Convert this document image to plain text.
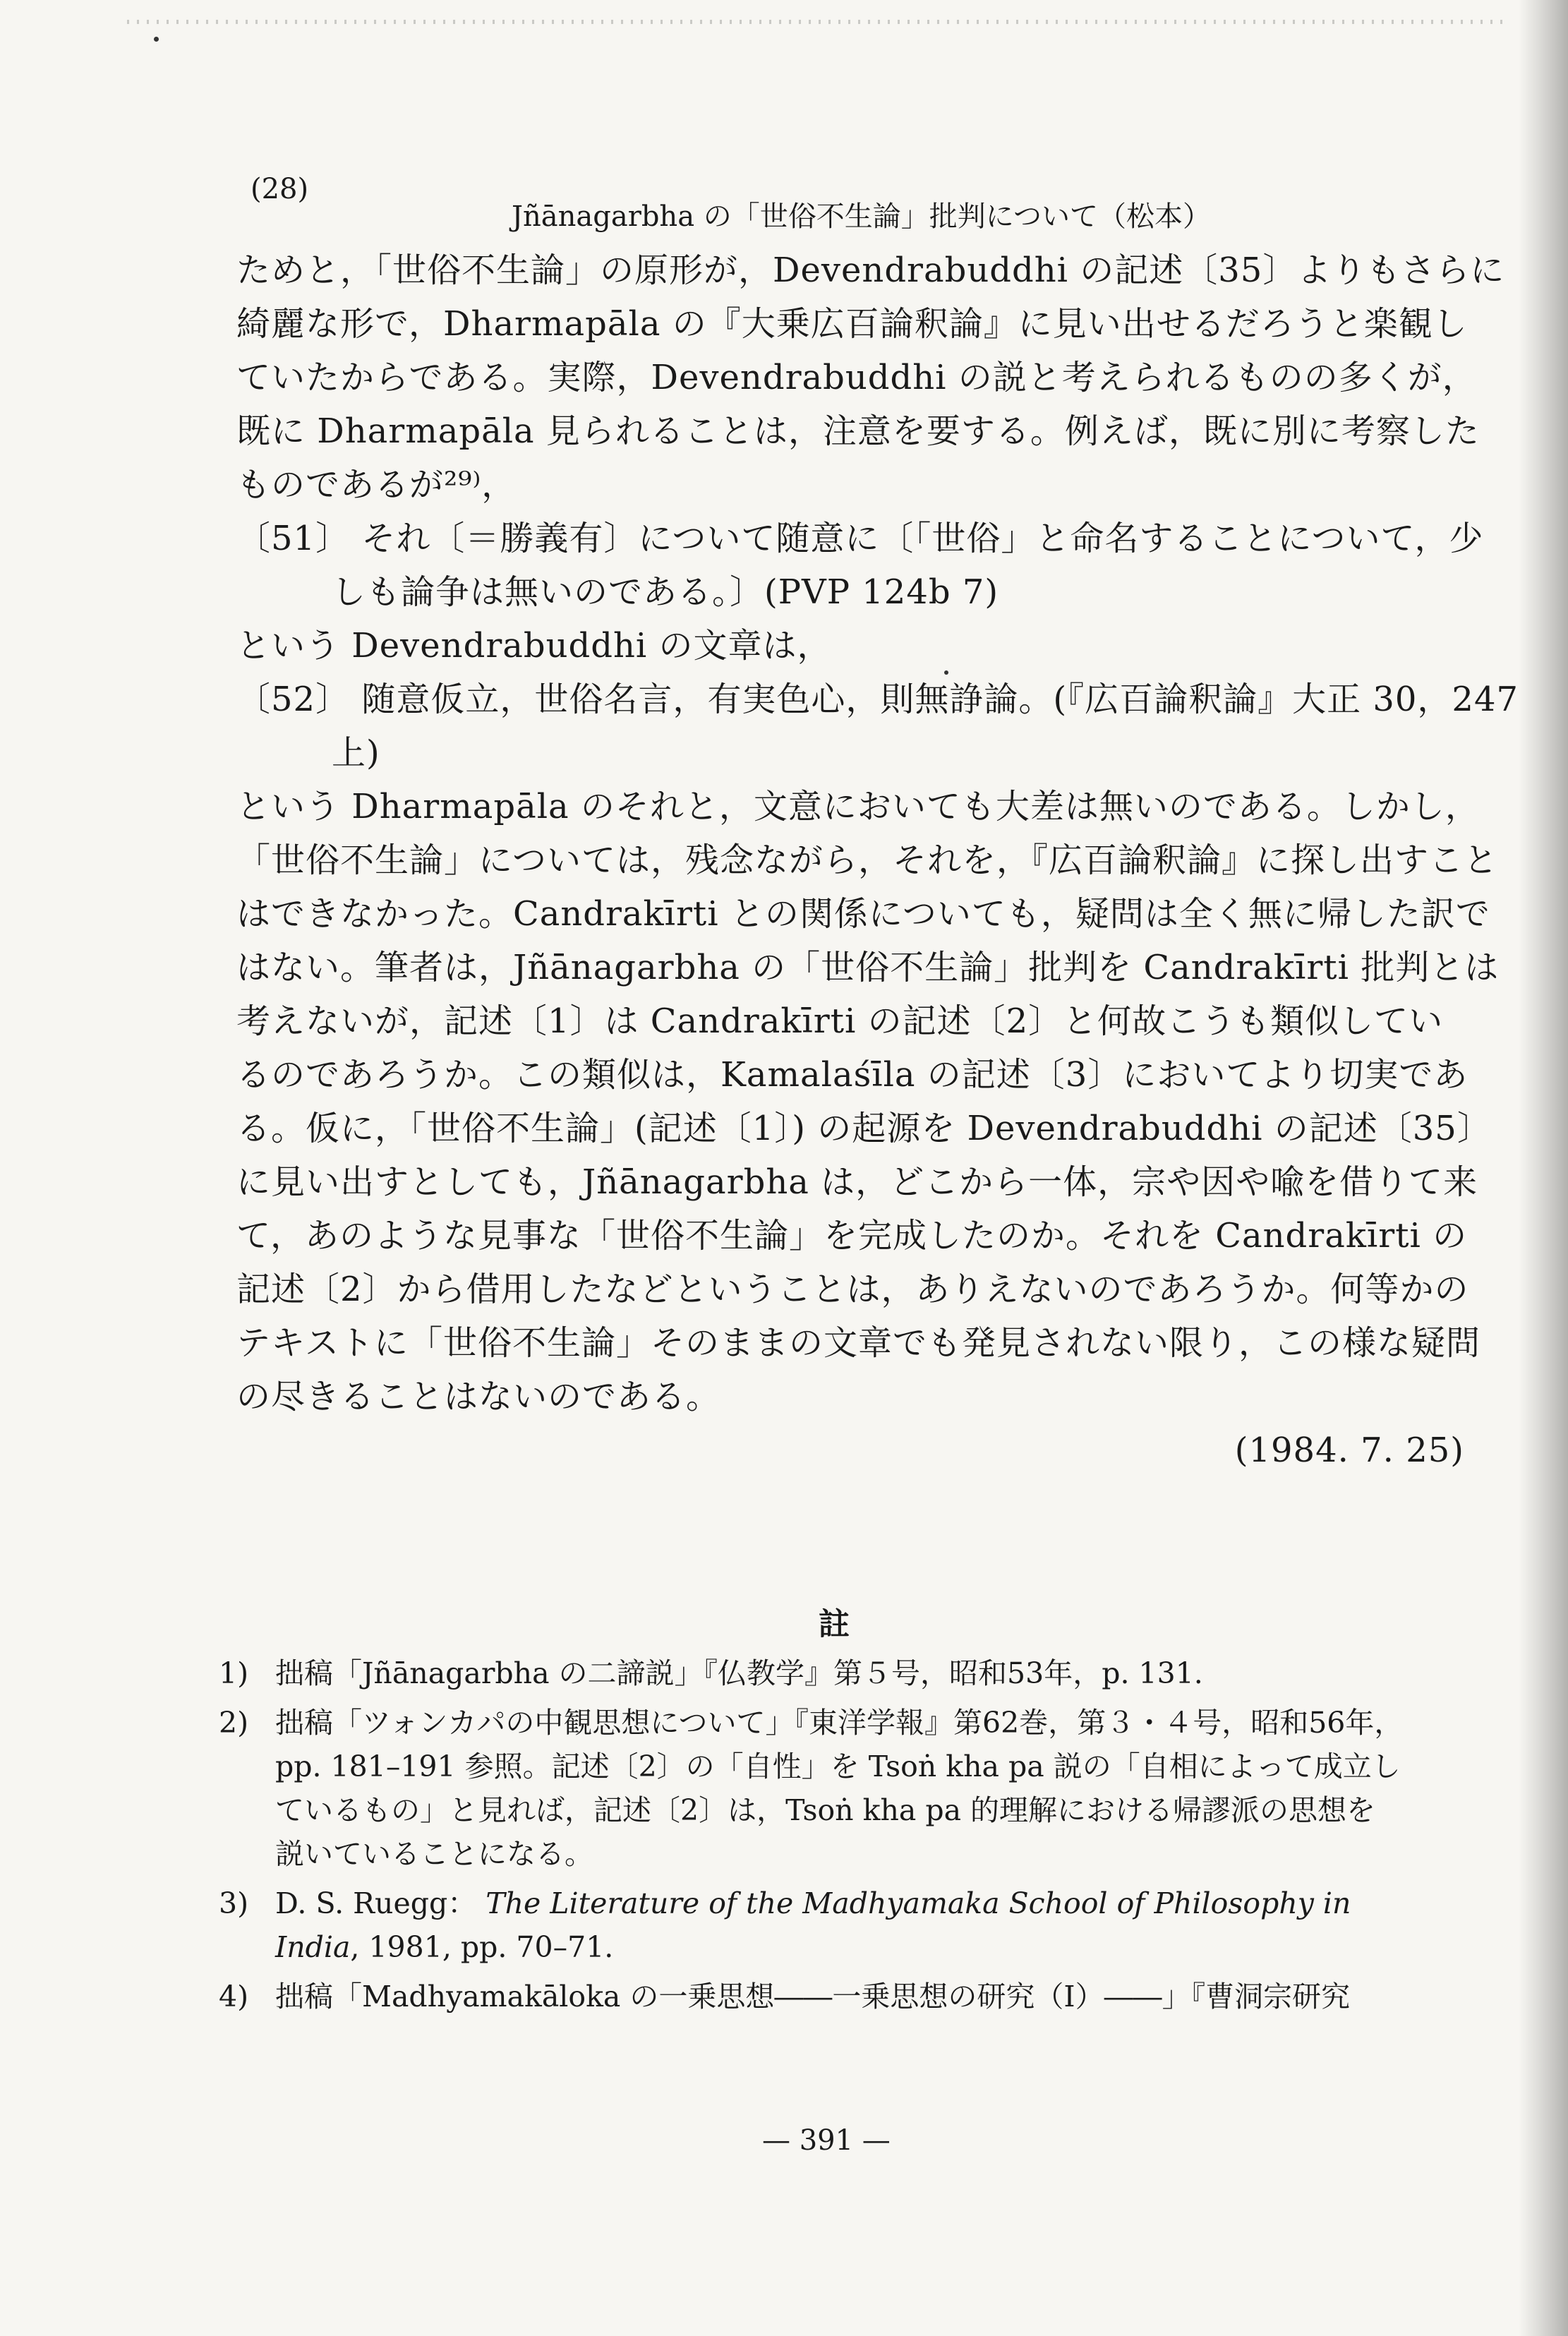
(28)
Jñānagarbha の「世俗不生論」批判について（松本）
ためと，「世俗不生論」の原形が，Devendrabuddhi の記述〔35〕よりもさらに
綺麗な形で，Dharmapāla の『大乗広百論釈論』に見い出せるだろうと楽観し
ていたからである。実際，Devendrabuddhi の説と考えられるものの多くが，
既に Dharmapāla 見られることは，注意を要する。例えば，既に別に考察した
ものであるが²⁹⁾，
〔51〕 それ〔＝勝義有〕について随意に〔「世俗」と命名することについて，少
しも論争は無いのである。〕(PVP 124b 7)
という Devendrabuddhi の文章は，
〔52〕 随意仮立，世俗名言，有実色心，則無諍論。(『広百論釈論』大正 30，247
上)
という Dharmapāla のそれと，文意においても大差は無いのである。しかし，
「世俗不生論」については，残念ながら，それを，『広百論釈論』に探し出すこと
はできなかった。Candrakīrti との関係についても，疑問は全く無に帰した訳で
はない。筆者は，Jñānagarbha の「世俗不生論」批判を Candrakīrti 批判とは
考えないが，記述〔1〕は Candrakīrti の記述〔2〕と何故こうも類似してい
るのであろうか。この類似は，Kamalaśīla の記述〔3〕においてより切実であ
る。仮に，「世俗不生論」(記述〔1〕) の起源を Devendrabuddhi の記述〔35〕
に見い出すとしても，Jñānagarbha は，どこから一体，宗や因や喩を借りて来
て，あのような見事な「世俗不生論」を完成したのか。それを Candrakīrti の
記述〔2〕から借用したなどということは，ありえないのであろうか。何等かの
テキストに「世俗不生論」そのままの文章でも発見されない限り，この様な疑問
の尽きることはないのである。
(1984. 7. 25)
註
1) 拙稿「Jñānagarbha の二諦説」『仏教学』第５号，昭和53年，p. 131.
2) 拙稿「ツォンカパの中観思想について」『東洋学報』第62巻，第３・４号，昭和56年，
pp. 181–191 参照。記述〔2〕の「自性」を Tsoṅ kha pa 説の「自相によって成立し
ているもの」と見れば，記述〔2〕は，Tsoṅ kha pa 的理解における帰謬派の思想を
説いていることになる。
3) D. S. Ruegg： The Literature of the Madhyamaka School of Philosophy in
India, 1981, pp. 70–71.
4) 拙稿「Madhyamakāloka の一乗思想――一乗思想の研究（Ⅰ）――」『曹洞宗研究
— 391 —
